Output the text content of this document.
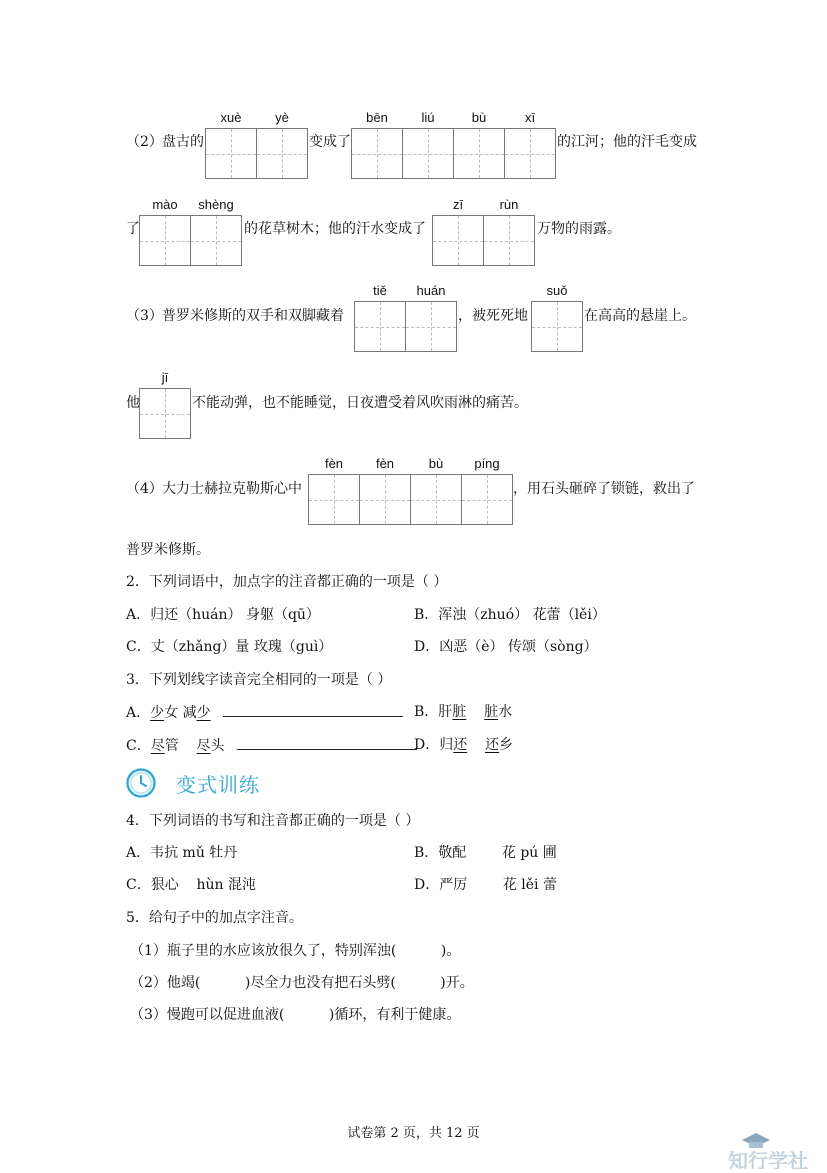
（2） 盘古的
xuè	yè
变成了
bēn	liú	bù	xī
的江河；他的汗毛变成
了
mào	shèng
的花草树木；他的汗水变成了
zī	rùn
万物的雨露。
（3） 普罗米修斯的双手和双脚藏着
tiě	huán
，被死死地
suǒ
在高高的悬崖上。
他
jī
不能动弹，也不能睡觉，日夜遭受着风吹雨淋的痛苦。
（4） 大力士赫拉克勒斯心中
fèn	fèn	bù	píng
，用石头砸碎了锁链，救出了
普罗米修斯。
2．下列词语中，加点字的注音都正确的一项是（ ）
A．归还（huán） 身躯（qū）	B．浑浊（zhuó） 花蕾（lěi）
C．丈（zhǎng）量 玫瑰（guì）	D．凶恶（è） 传颂（sòng）
3．下列划线字读音完全相同的一项是（ ）
A．少女 减少	B．肝脏 脏水
C．尽管    尽头	D．归还 还乡
变式训练
4．下列词语的书写和注音都正确的一项是（ ）
A．韦抗 mǔ 牡丹	B．敬配        花 pú 圃
C．狠心    hùn 混沌	D．严厉        花 lěi 蕾
5．给句子中的加点字注音。
（1）瓶子里的水应该放很久了，特别浑浊(          )。
（2）他竭(          )尽全力也没有把石头劈(          )开。
（3）慢跑可以促进血液(          )循环，有利于健康。
试卷第 2 页，共 12 页
知行学社
